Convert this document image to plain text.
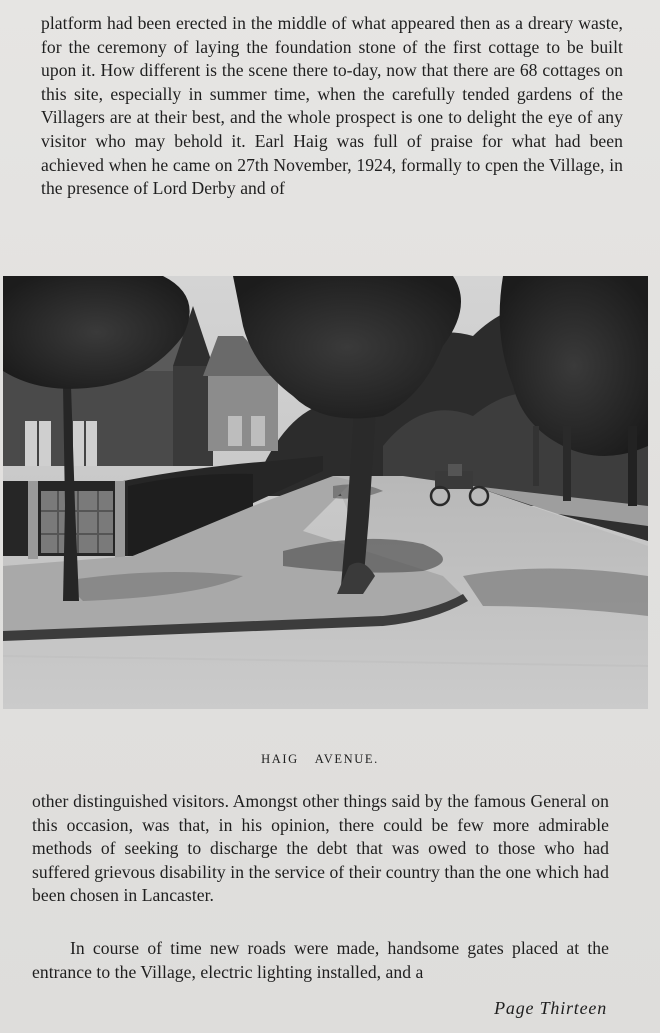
platform had been erected in the middle of what appeared then as a dreary waste, for the ceremony of laying the foundation stone of the first cottage to be built upon it. How different is the scene there to-day, now that there are 68 cottages on this site, especially in summer time, when the carefully tended gardens of the Villagers are at their best, and the whole prospect is one to delight the eye of any visitor who may behold it. Earl Haig was full of praise for what had been achieved when he came on 27th November, 1924, formally to cpen the Village, in the presence of Lord Derby and of

HAIG AVENUE.

other distinguished visitors. Amongst other things said by the famous General on this occasion, was that, in his opinion, there could be few more admirable methods of seeking to discharge the debt that was owed to those who had suffered grievous disability in the service of their country than the one which had been chosen in Lancaster.

In course of time new roads were made, handsome gates placed at the entrance to the Village, electric lighting installed, and a

Page Thirteen
